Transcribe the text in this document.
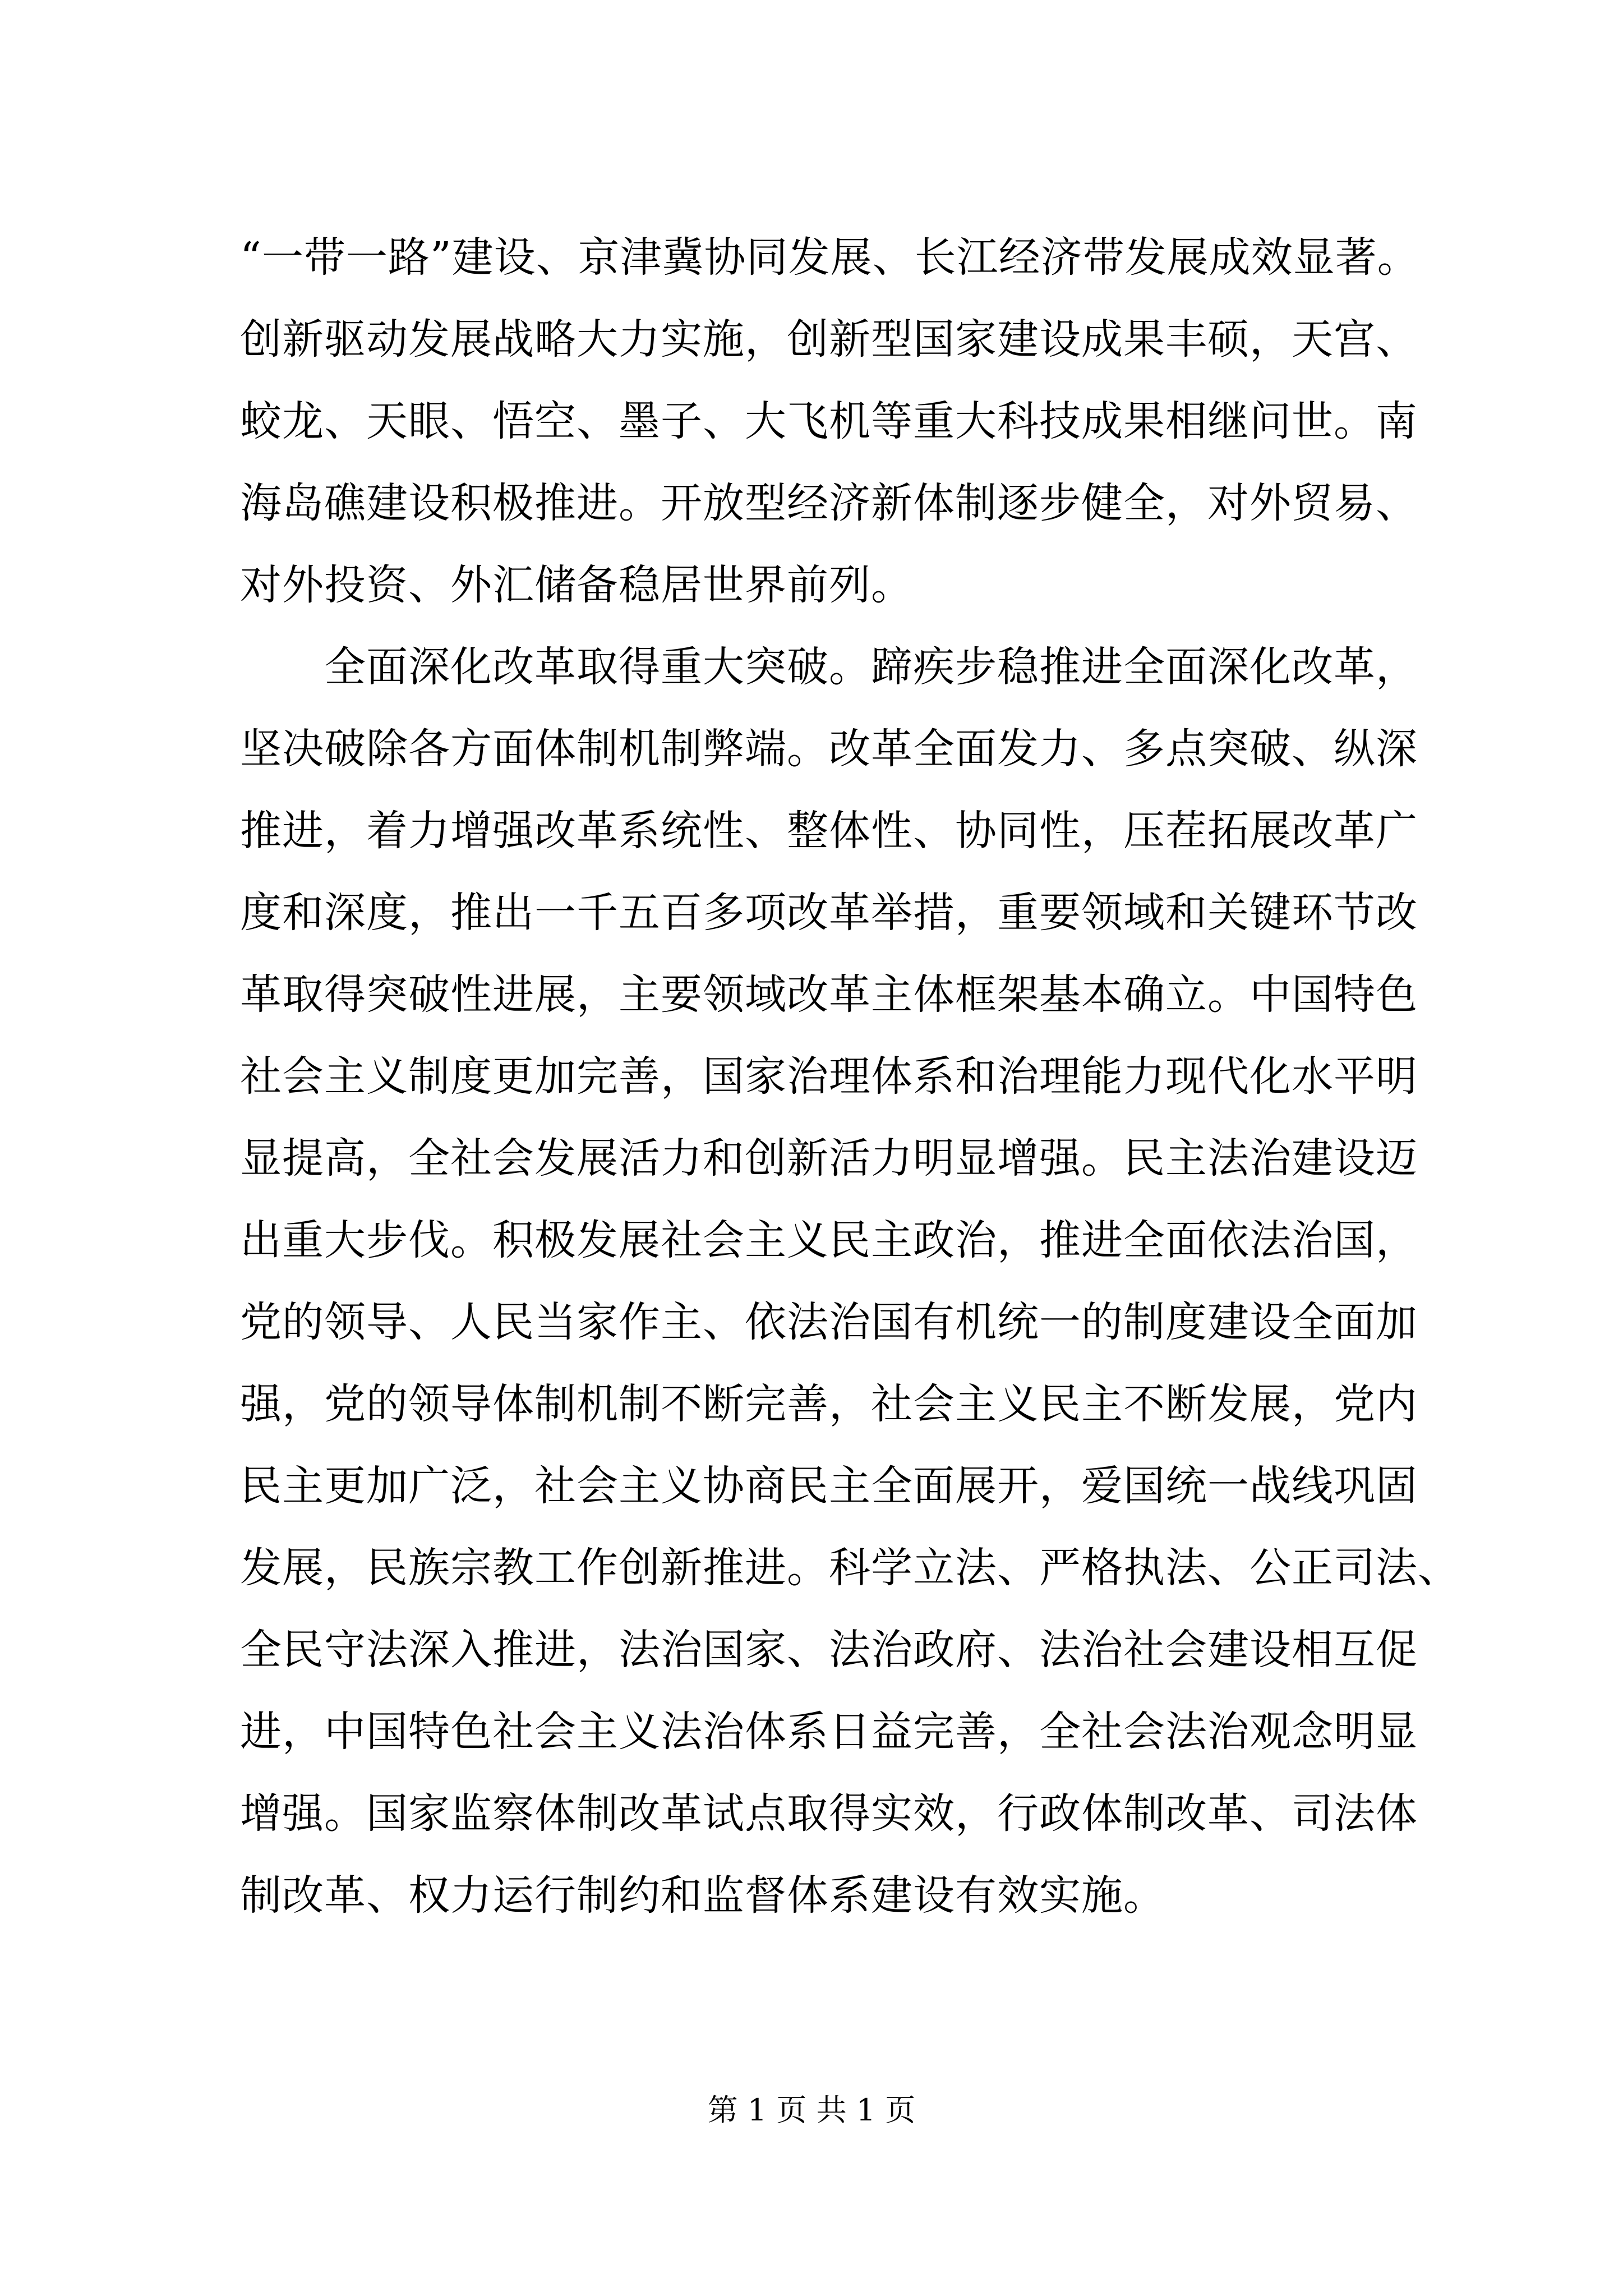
“一带一路”建设、京津冀协同发展、长江经济带发展成效显著。
创新驱动发展战略大力实施，创新型国家建设成果丰硕，天宫、
蛟龙、天眼、悟空、墨子、大飞机等重大科技成果相继问世。南
海岛礁建设积极推进。开放型经济新体制逐步健全，对外贸易、
对外投资、外汇储备稳居世界前列。
　　全面深化改革取得重大突破。蹄疾步稳推进全面深化改革，
坚决破除各方面体制机制弊端。改革全面发力、多点突破、纵深
推进，着力增强改革系统性、整体性、协同性，压茬拓展改革广
度和深度，推出一千五百多项改革举措，重要领域和关键环节改
革取得突破性进展，主要领域改革主体框架基本确立。中国特色
社会主义制度更加完善，国家治理体系和治理能力现代化水平明
显提高，全社会发展活力和创新活力明显增强。民主法治建设迈
出重大步伐。积极发展社会主义民主政治，推进全面依法治国，
党的领导、人民当家作主、依法治国有机统一的制度建设全面加
强，党的领导体制机制不断完善，社会主义民主不断发展，党内
民主更加广泛，社会主义协商民主全面展开，爱国统一战线巩固
发展，民族宗教工作创新推进。科学立法、严格执法、公正司法、
全民守法深入推进，法治国家、法治政府、法治社会建设相互促
进，中国特色社会主义法治体系日益完善，全社会法治观念明显
增强。国家监察体制改革试点取得实效，行政体制改革、司法体
制改革、权力运行制约和监督体系建设有效实施。
第 1 页 共 1 页
